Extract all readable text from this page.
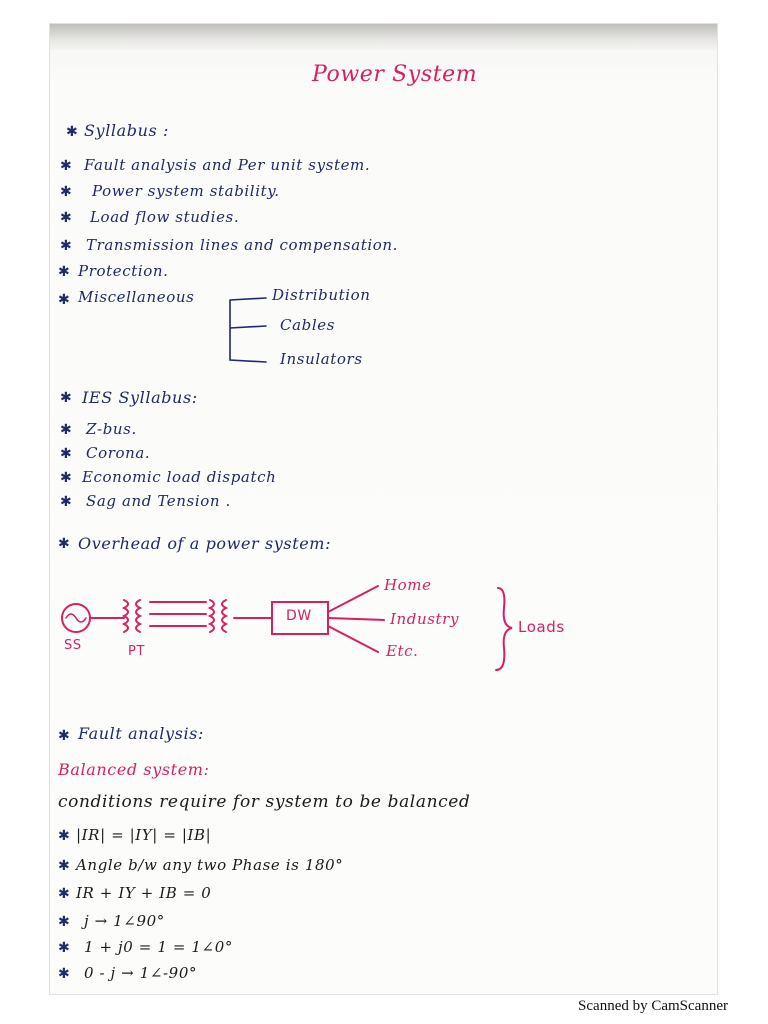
Power System
✱ Syllabus :
✱ Fault analysis and Per unit system.
✱ Power system stability.
✱ Load flow studies.
✱ Transmission lines and compensation.
✱ Protection.
✱ Miscellaneous	Distribution
Cables
Insulators
✱ IES Syllabus:
✱ Z-bus.
✱ Corona.
✱ Economic load dispatch
✱ Sag and Tension .
✱ Overhead of a power system:
SS	PT
DW
Home
Industry
Etc.
Loads
✱ Fault analysis:
Balanced system:
conditions require for system to be balanced
✱ |IR| = |IY| = |IB|
✱ Angle b/w any two Phase is 180°
✱ IR + IY + IB = 0
✱ j → 1∠90°
✱ 1 + j0 = 1 = 1∠0°
✱ 0 - j → 1∠-90°
Scanned by CamScanner
